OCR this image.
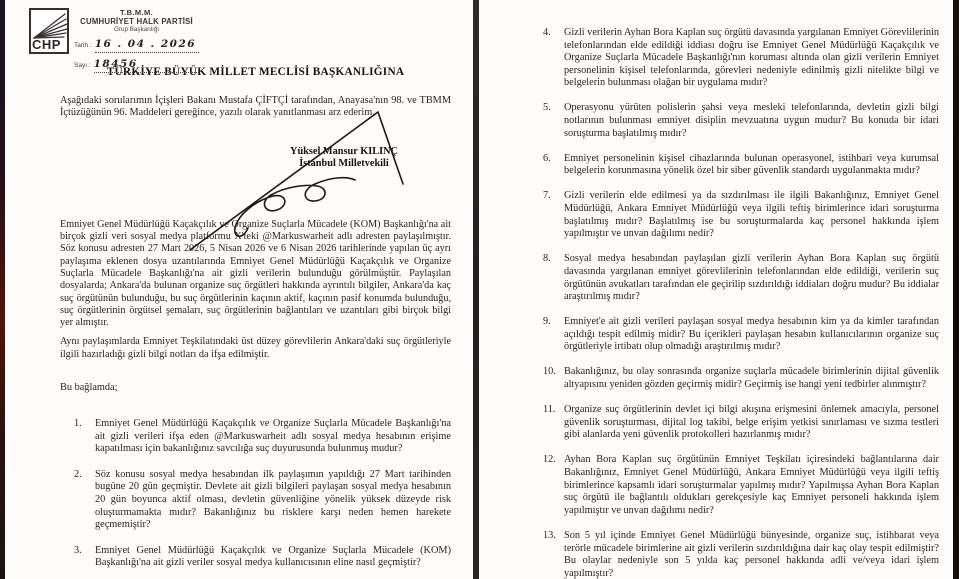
CHP
T.B.M.M.
CUMHURİYET HALK PARTİSİ
Grup Başkanlığı
Tarih : 16 . 04 . 2026
Sayı : 18456
TÜRKİYE BÜYÜK MİLLET MECLİSİ BAŞKANLIĞINA
Aşağıdaki sorularımın İçişleri Bakanı Mustafa ÇİFTÇİ tarafından, Anayasa'nın 98. ve TBMM İçtüzüğünün 96. Maddeleri gereğince, yazılı olarak yanıtlanması arz ederim.
Yüksel Mansur KILINÇ
İstanbul Milletvekili
Emniyet Genel Müdürlüğü Kaçakçılık ve Organize Suçlarla Mücadele (KOM) Başkanlığı'na ait birçok gizli veri sosyal medya platformu X'teki @Markuswarheit adlı adresten paylaşılmıştır. Söz konusu adresten 27 Mart 2026, 5 Nisan 2026 ve 6 Nisan 2026 tarihlerinde yapılan üç ayrı paylaşıma eklenen dosya uzantılarında Emniyet Genel Müdürlüğü Kaçakçılık ve Organize Suçlarla Mücadele Başkanlığı'na ait gizli verilerin bulunduğu görülmüştür. Paylaşılan dosyalarda; Ankara'da bulunan organize suç örgütleri hakkında ayrıntılı bilgiler, Ankara'da kaç suç örgütünün bulunduğu, bu suç örgütlerinin kaçının aktif, kaçının pasif konumda bulunduğu, suç örgütlerinin örgütsel şemaları, suç örgütlerinin bağlantıları ve uzantıları gibi birçok bilgi yer almıştır.
Aynı paylaşımlarda Emniyet Teşkilatındaki üst düzey görevlilerin Ankara'daki suç örgütleriyle ilgili hazırladığı gizli bilgi notları da ifşa edilmiştir.
Bu bağlamda;
1.	Emniyet Genel Müdürlüğü Kaçakçılık ve Organize Suçlarla Mücadele Başkanlığı'na ait gizli verileri ifşa eden @Markuswarheit adlı sosyal medya hesabının erişime kapatılması için bakanlığınız savcılığa suç duyurusunda bulunmuş mudur?
2.	Söz konusu sosyal medya hesabından ilk paylaşımın yapıldığı 27 Mart tarihinden bugüne 20 gün geçmiştir. Devlete ait gizli bilgileri paylaşan sosyal medya hesabının 20 gün boyunca aktif olması, devletin güvenliğine yönelik yüksek düzeyde risk oluşturmamakta mıdır? Bakanlığınız bu risklere karşı neden hemen harekete geçmemiştir?
3.	Emniyet Genel Müdürlüğü Kaçakçılık ve Organize Suçlarla Mücadele (KOM) Başkanlığı'na ait gizli veriler sosyal medya kullanıcısının eline nasıl geçmiştir?
4.	Gizli verilerin Ayhan Bora Kaplan suç örgütü davasında yargılanan Emniyet Görevlilerinin telefonlarından elde edildiği iddiası doğru ise Emniyet Genel Müdürlüğü Kaçakçılık ve Organize Suçlarla Mücadele Başkanlığı'nın koruması altında olan gizli verilerin Emniyet personelinin kişisel telefonlarında, görevleri nedeniyle edinilmiş gizli nitelikte bilgi ve belgelerin bulunması olağan bir uygulama mıdır?
5.	Operasyonu yürüten polislerin şahsi veya mesleki telefonlarında, devletin gizli bilgi notlarının bulunması emniyet disiplin mevzuatına uygun mudur? Bu konuda bir idari soruşturma başlatılmış mıdır?
6.	Emniyet personelinin kişisel cihazlarında bulunan operasyonel, istihbari veya kurumsal belgelerin korunmasına yönelik özel bir siber güvenlik standardı uygulanmakta mıdır?
7.	Gizli verilerin elde edilmesi ya da sızdırılması ile ilgili Bakanlığınız, Emniyet Genel Müdürlüğü, Ankara Emniyet Müdürlüğü veya ilgili teftiş birimlerince idari soruşturma başlatılmış mıdır? Başlatılmış ise bu soruşturmalarda kaç personel hakkında işlem yapılmıştır ve unvan dağılımı nedir?
8.	Sosyal medya hesabından paylaşılan gizli verilerin Ayhan Bora Kaplan suç örgütü davasında yargılanan emniyet görevlilerinin telefonlarından elde edildiği, verilerin suç örgütünün avukatları tarafından ele geçirilip sızdırıldığı iddiaları doğru mudur? Bu iddialar araştırılmış mıdır?
9.	Emniyet'e ait gizli verileri paylaşan sosyal medya hesabının kim ya da kimler tarafından açıldığı tespit edilmiş midir? Bu içerikleri paylaşan hesabın kullanıcılarının organize suç örgütleriyle irtibatı olup olmadığı araştırılmış mıdır?
10. Bakanlığınız, bu olay sonrasında organize suçlarla mücadele birimlerinin dijital güvenlik altyapısını yeniden gözden geçirmiş midir? Geçirmiş ise hangi yeni tedbirler alınmıştır?
11. Organize suç örgütlerinin devlet içi bilgi akışına erişmesini önlemek amacıyla, personel güvenlik soruşturması, dijital log takibi, belge erişim yetkisi sınırlaması ve sızma testleri gibi alanlarda yeni güvenlik protokolleri hazırlanmış mıdır?
12. Ayhan Bora Kaplan suç örgütünün Emniyet Teşkilatı içiresindeki bağlantılarına dair Bakanlığınız, Emniyet Genel Müdürlüğü, Ankara Emniyet Müdürlüğü veya ilgili teftiş birimlerince kapsamlı idari soruşturmalar yapılmış mıdır? Yapılmışsa Ayhan Bora Kaplan suç örgütü ile bağlantılı oldukları gerekçesiyle kaç Emniyet personeli hakkında işlem yapılmıştır ve unvan dağılımı nedir?
13. Son 5 yıl içinde Emniyet Genel Müdürlüğü bünyesinde, organize suç, istihbarat veya terörle mücadele birimlerine ait gizli verilerin sızdırıldığına dair kaç olay tespit edilmiştir? Bu olaylar nedeniyle son 5 yılda kaç personel hakkında adli ve/veya idari işlem yapılmıştır?
